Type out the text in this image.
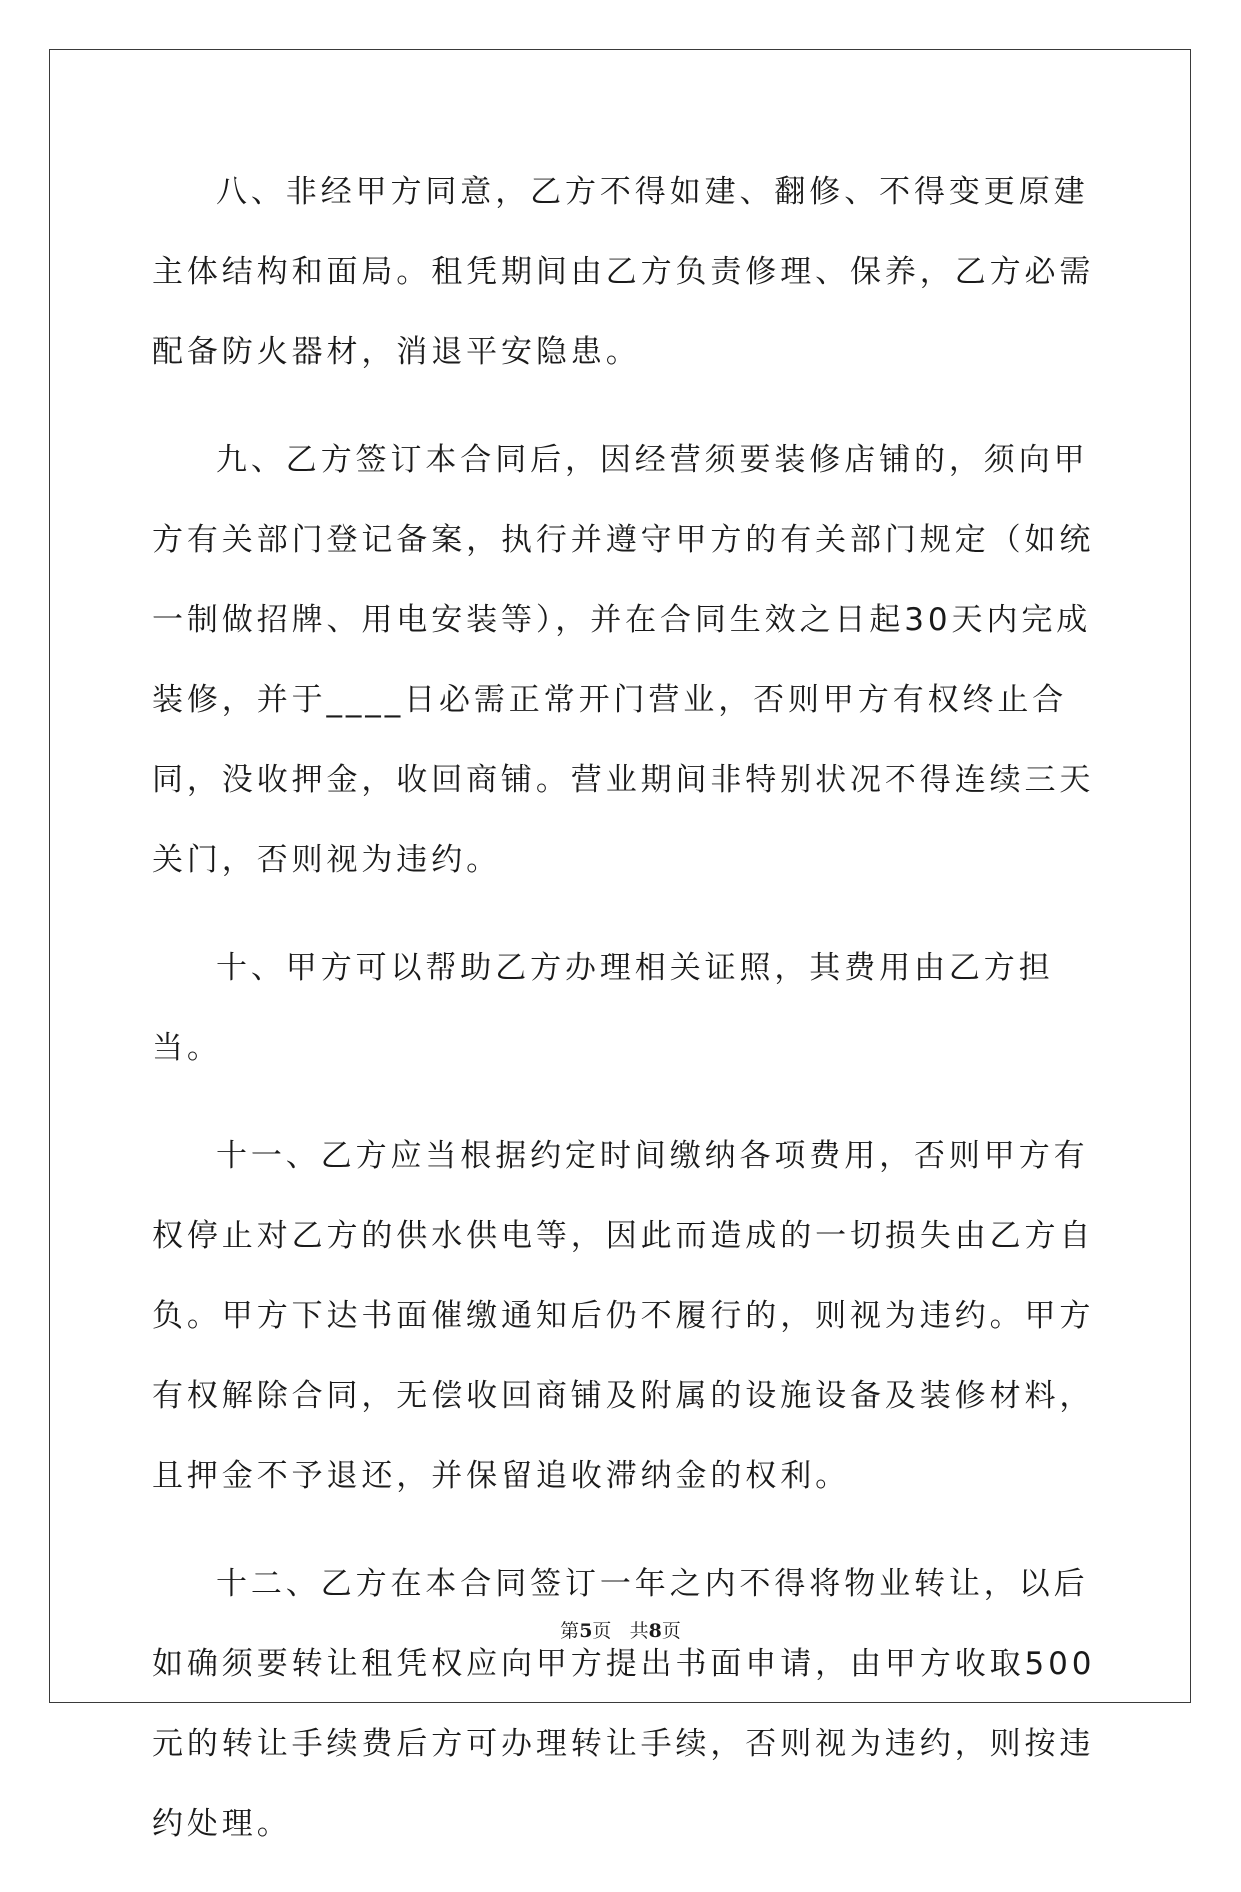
八、非经甲方同意，乙方不得如建、翻修、不得变更原建主体结构和面局。租凭期间由乙方负责修理、保养，乙方必需配备防火器材，消退平安隐患。

九、乙方签订本合同后，因经营须要装修店铺的，须向甲方有关部门登记备案，执行并遵守甲方的有关部门规定（如统一制做招牌、用电安装等），并在合同生效之日起30天内完成装修，并于____日必需正常开门营业，否则甲方有权终止合同，没收押金，收回商铺。营业期间非特别状况不得连续三天关门，否则视为违约。

十、甲方可以帮助乙方办理相关证照，其费用由乙方担当。

十一、乙方应当根据约定时间缴纳各项费用，否则甲方有权停止对乙方的供水供电等，因此而造成的一切损失由乙方自负。甲方下达书面催缴通知后仍不履行的，则视为违约。甲方有权解除合同，无偿收回商铺及附属的设施设备及装修材料，且押金不予退还，并保留追收滞纳金的权利。

十二、乙方在本合同签订一年之内不得将物业转让，以后如确须要转让租凭权应向甲方提出书面申请，由甲方收取500元的转让手续费后方可办理转让手续，否则视为违约，则按违约处理。

第5页 共8页
